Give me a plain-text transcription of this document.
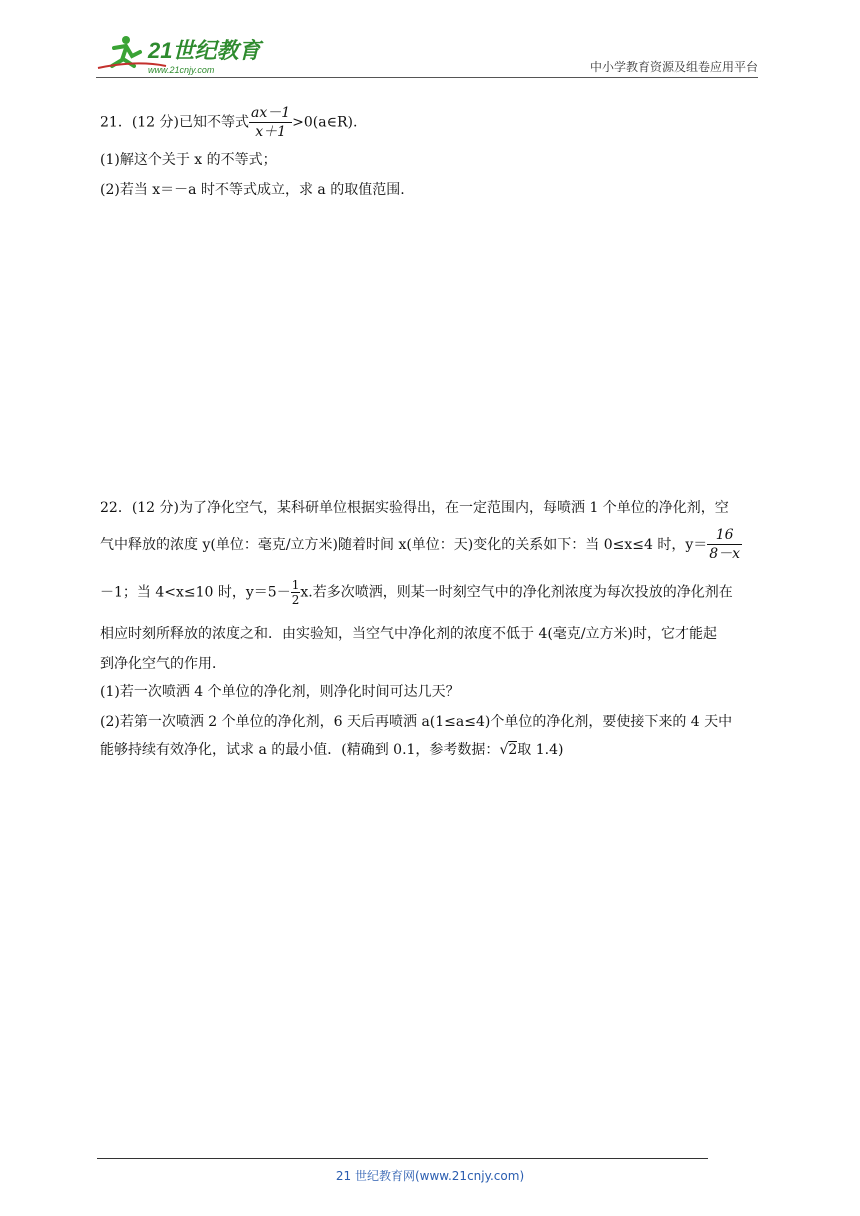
21世纪教育
www.21cnjy.com	中小学教育资源及组卷应用平台
21．(12 分)已知不等式 $\frac{ax-1}{x+1}$ >0(a∈R).
(1)解这个关于 x 的不等式；
(2)若当 x＝－a 时不等式成立，求 a 的取值范围.
22．(12 分)为了净化空气，某科研单位根据实验得出，在一定范围内，每喷洒 1 个单位的净化剂，空
气中释放的浓度 y(单位：毫克/立方米)随着时间 x(单位：天)变化的关系如下：当 0≤x≤4 时，$y= \frac{16}{8-x}$
－1；当 4<x≤10 时，$y=5- \frac{1}{2} x$.若多次喷洒，则某一时刻空气中的净化剂浓度为每次投放的净化剂在
相应时刻所释放的浓度之和．由实验知，当空气中净化剂的浓度不低于 4(毫克/立方米)时，它才能起
到净化空气的作用．
(1)若一次喷洒 4 个单位的净化剂，则净化时间可达几天？
(2)若第一次喷洒 2 个单位的净化剂，6 天后再喷洒 a(1≤a≤4)个单位的净化剂，要使接下来的 4 天中
能够持续有效净化，试求 a 的最小值．(精确到 0.1，参考数据：√2取 1.4)
21 世纪教育网(www.21cnjy.com)
